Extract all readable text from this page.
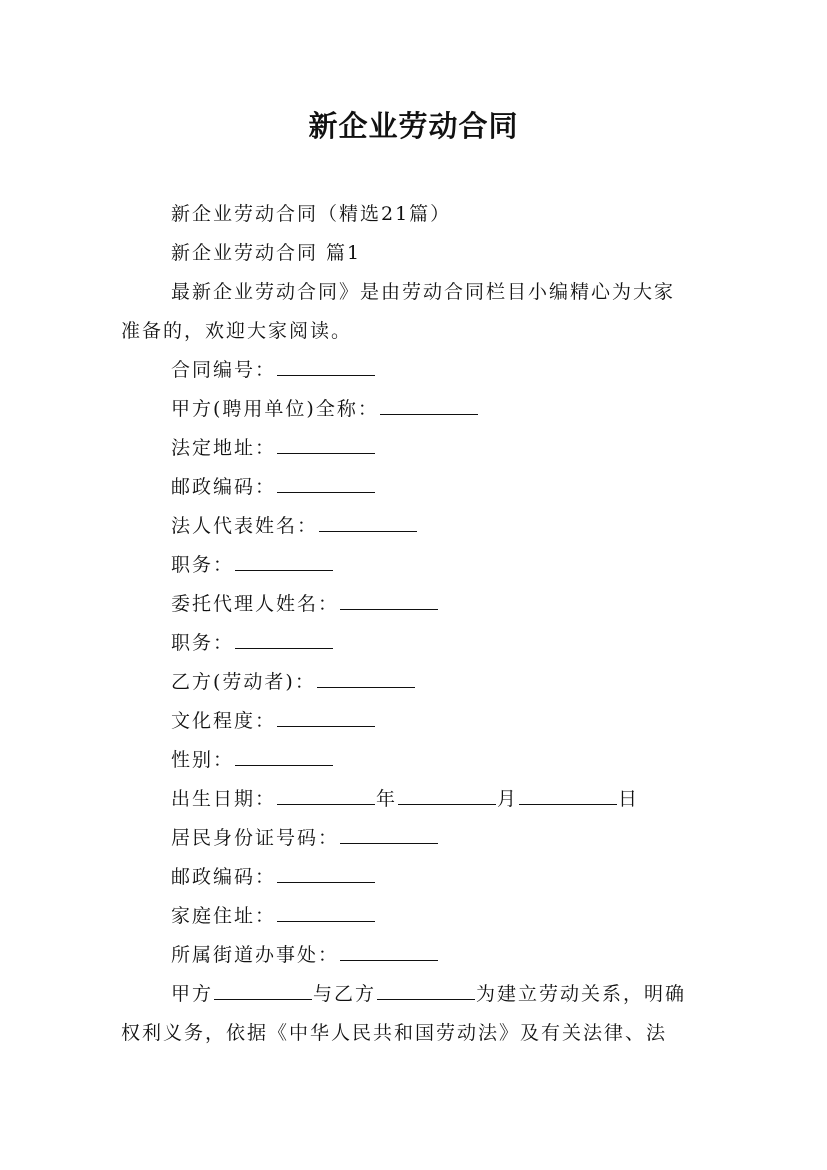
新企业劳动合同
新企业劳动合同（精选21篇）
新企业劳动合同 篇1
最新企业劳动合同》是由劳动合同栏目小编精心为大家
准备的，欢迎大家阅读。
合同编号：
甲方(聘用单位)全称：
法定地址：
邮政编码：
法人代表姓名：
职务：
委托代理人姓名：
职务：
乙方(劳动者)：
文化程度：
性别：
出生日期：	年	月	日
居民身份证号码：
邮政编码：
家庭住址：
所属街道办事处：
甲方	与乙方	为建立劳动关系，明确
权利义务，依据《中华人民共和国劳动法》及有关法律、法
